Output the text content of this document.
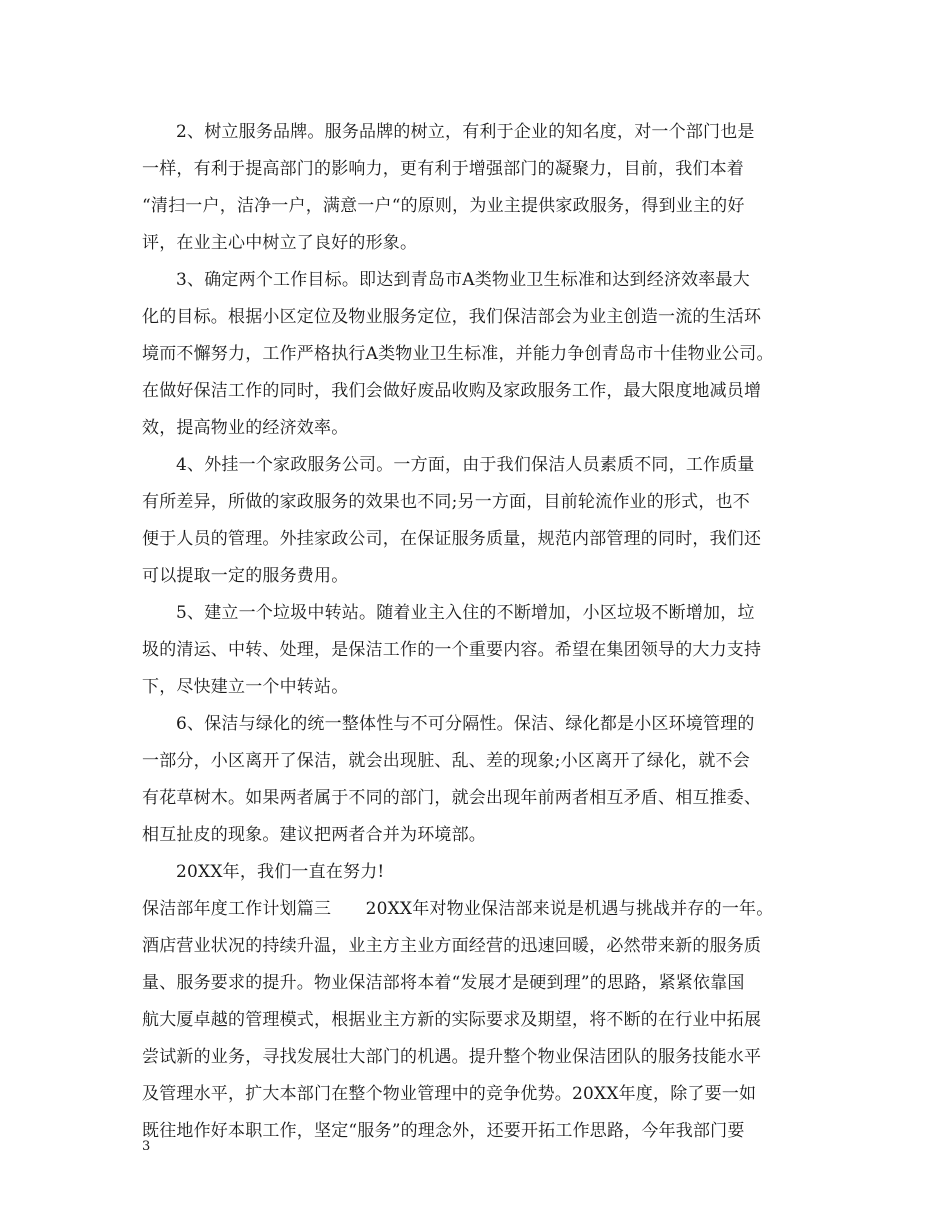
2、树立服务品牌。服务品牌的树立，有利于企业的知名度，对一个部门也是
一样，有利于提高部门的影响力，更有利于增强部门的凝聚力，目前，我们本着
“清扫一户，洁净一户，满意一户“的原则，为业主提供家政服务，得到业主的好
评，在业主心中树立了良好的形象。
3、确定两个工作目标。即达到青岛市A类物业卫生标准和达到经济效率最大
化的目标。根据小区定位及物业服务定位，我们保洁部会为业主创造一流的生活环
境而不懈努力，工作严格执行A类物业卫生标准，并能力争创青岛市十佳物业公司。
在做好保洁工作的同时，我们会做好废品收购及家政服务工作，最大限度地减员增
效，提高物业的经济效率。
4、外挂一个家政服务公司。一方面，由于我们保洁人员素质不同，工作质量
有所差异，所做的家政服务的效果也不同;另一方面，目前轮流作业的形式，也不
便于人员的管理。外挂家政公司，在保证服务质量，规范内部管理的同时，我们还
可以提取一定的服务费用。
5、建立一个垃圾中转站。随着业主入住的不断增加，小区垃圾不断增加，垃
圾的清运、中转、处理，是保洁工作的一个重要内容。希望在集团领导的大力支持
下，尽快建立一个中转站。
6、保洁与绿化的统一整体性与不可分隔性。保洁、绿化都是小区环境管理的
一部分，小区离开了保洁，就会出现脏、乱、差的现象;小区离开了绿化，就不会
有花草树木。如果两者属于不同的部门，就会出现年前两者相互矛盾、相互推委、
相互扯皮的现象。建议把两者合并为环境部。
20XX年，我们一直在努力!
保洁部年度工作计划篇三　　20XX年对物业保洁部来说是机遇与挑战并存的一年。
酒店营业状况的持续升温，业主方主业方面经营的迅速回暖，必然带来新的服务质
量、服务要求的提升。物业保洁部将本着“发展才是硬到理”的思路，紧紧依靠国
航大厦卓越的管理模式，根据业主方新的实际要求及期望，将不断的在行业中拓展
尝试新的业务，寻找发展壮大部门的机遇。提升整个物业保洁团队的服务技能水平
及管理水平，扩大本部门在整个物业管理中的竞争优势。20XX年度，除了要一如
既往地作好本职工作，坚定“服务”的理念外，还要开拓工作思路，今年我部门要
3
